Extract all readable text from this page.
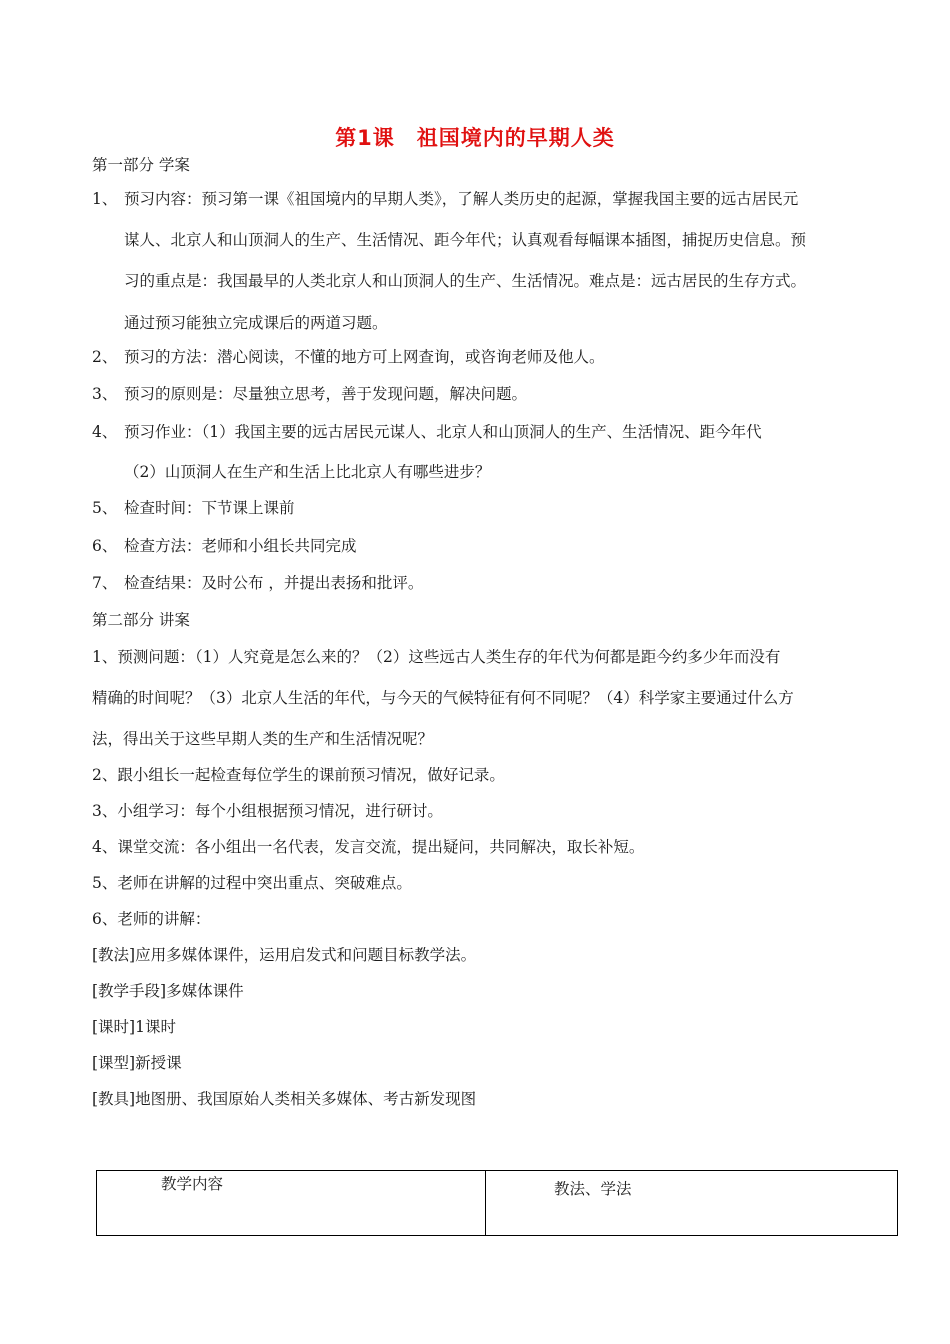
第1课　祖国境内的早期人类
第一部分 学案
1、 预习内容：预习第一课《祖国境内的早期人类》，了解人类历史的起源，掌握我国主要的远古居民元
谋人、北京人和山顶洞人的生产、生活情况、距今年代；认真观看每幅课本插图，捕捉历史信息。预
习的重点是：我国最早的人类北京人和山顶洞人的生产、生活情况。难点是：远古居民的生存方式。
通过预习能独立完成课后的两道习题。
2、 预习的方法：潜心阅读，不懂的地方可上网查询，或咨询老师及他人。
3、 预习的原则是：尽量独立思考，善于发现问题，解决问题。
4、 预习作业：（1）我国主要的远古居民元谋人、北京人和山顶洞人的生产、生活情况、距今年代
（2）山顶洞人在生产和生活上比北京人有哪些进步？
5、 检查时间：下节课上课前
6、 检查方法：老师和小组长共同完成
7、 检查结果：及时公布 ，并提出表扬和批评。
第二部分 讲案
1、预测问题：（1）人究竟是怎么来的？（2）这些远古人类生存的年代为何都是距今约多少年而没有
精确的时间呢？（3）北京人生活的年代，与今天的气候特征有何不同呢？（4）科学家主要通过什么方
法，得出关于这些早期人类的生产和生活情况呢？
2、跟小组长一起检查每位学生的课前预习情况，做好记录。
3、小组学习：每个小组根据预习情况，进行研讨。
4、课堂交流：各小组出一名代表，发言交流，提出疑问，共同解决，取长补短。
5、老师在讲解的过程中突出重点、突破难点。
6、老师的讲解：
[教法]应用多媒体课件，运用启发式和问题目标教学法。
[教学手段]多媒体课件
[课时]1课时
[课型]新授课
[教具]地图册、我国原始人类相关多媒体、考古新发现图
教学内容	教法、学法
